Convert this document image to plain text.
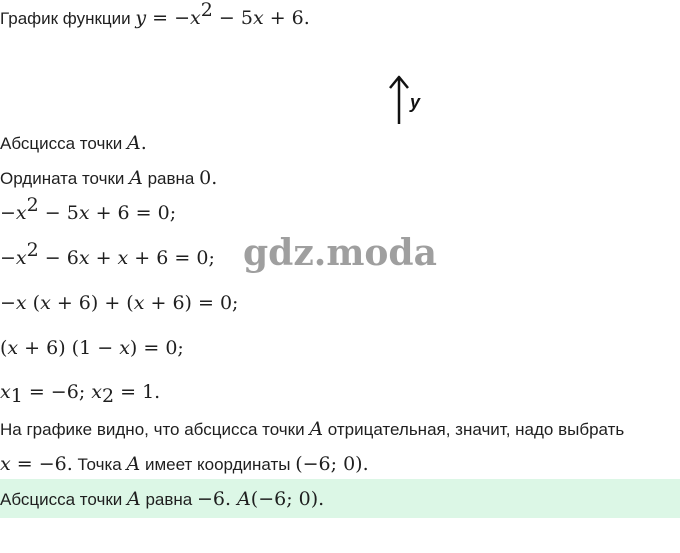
График функции $y = -x^2 - 5x + 6$.
y
Абсцисса точки A.
Ордината точки A равна 0.
$-x^2 - 5x + 6 = 0$;
$-x^2 - 6x + x + 6 = 0$; gdz.moda
−x (x + 6) + (x + 6) = 0;
(x + 6) (1 − x) = 0;
$x_1 = -6$; $x_2 = 1$.
На графике видно, что абсцисса точки A отрицательная, значит, надо выбрать
x = −6. Точка A имеет координаты (−6; 0).
Абсцисса точки A равна −6. A(−6; 0).
